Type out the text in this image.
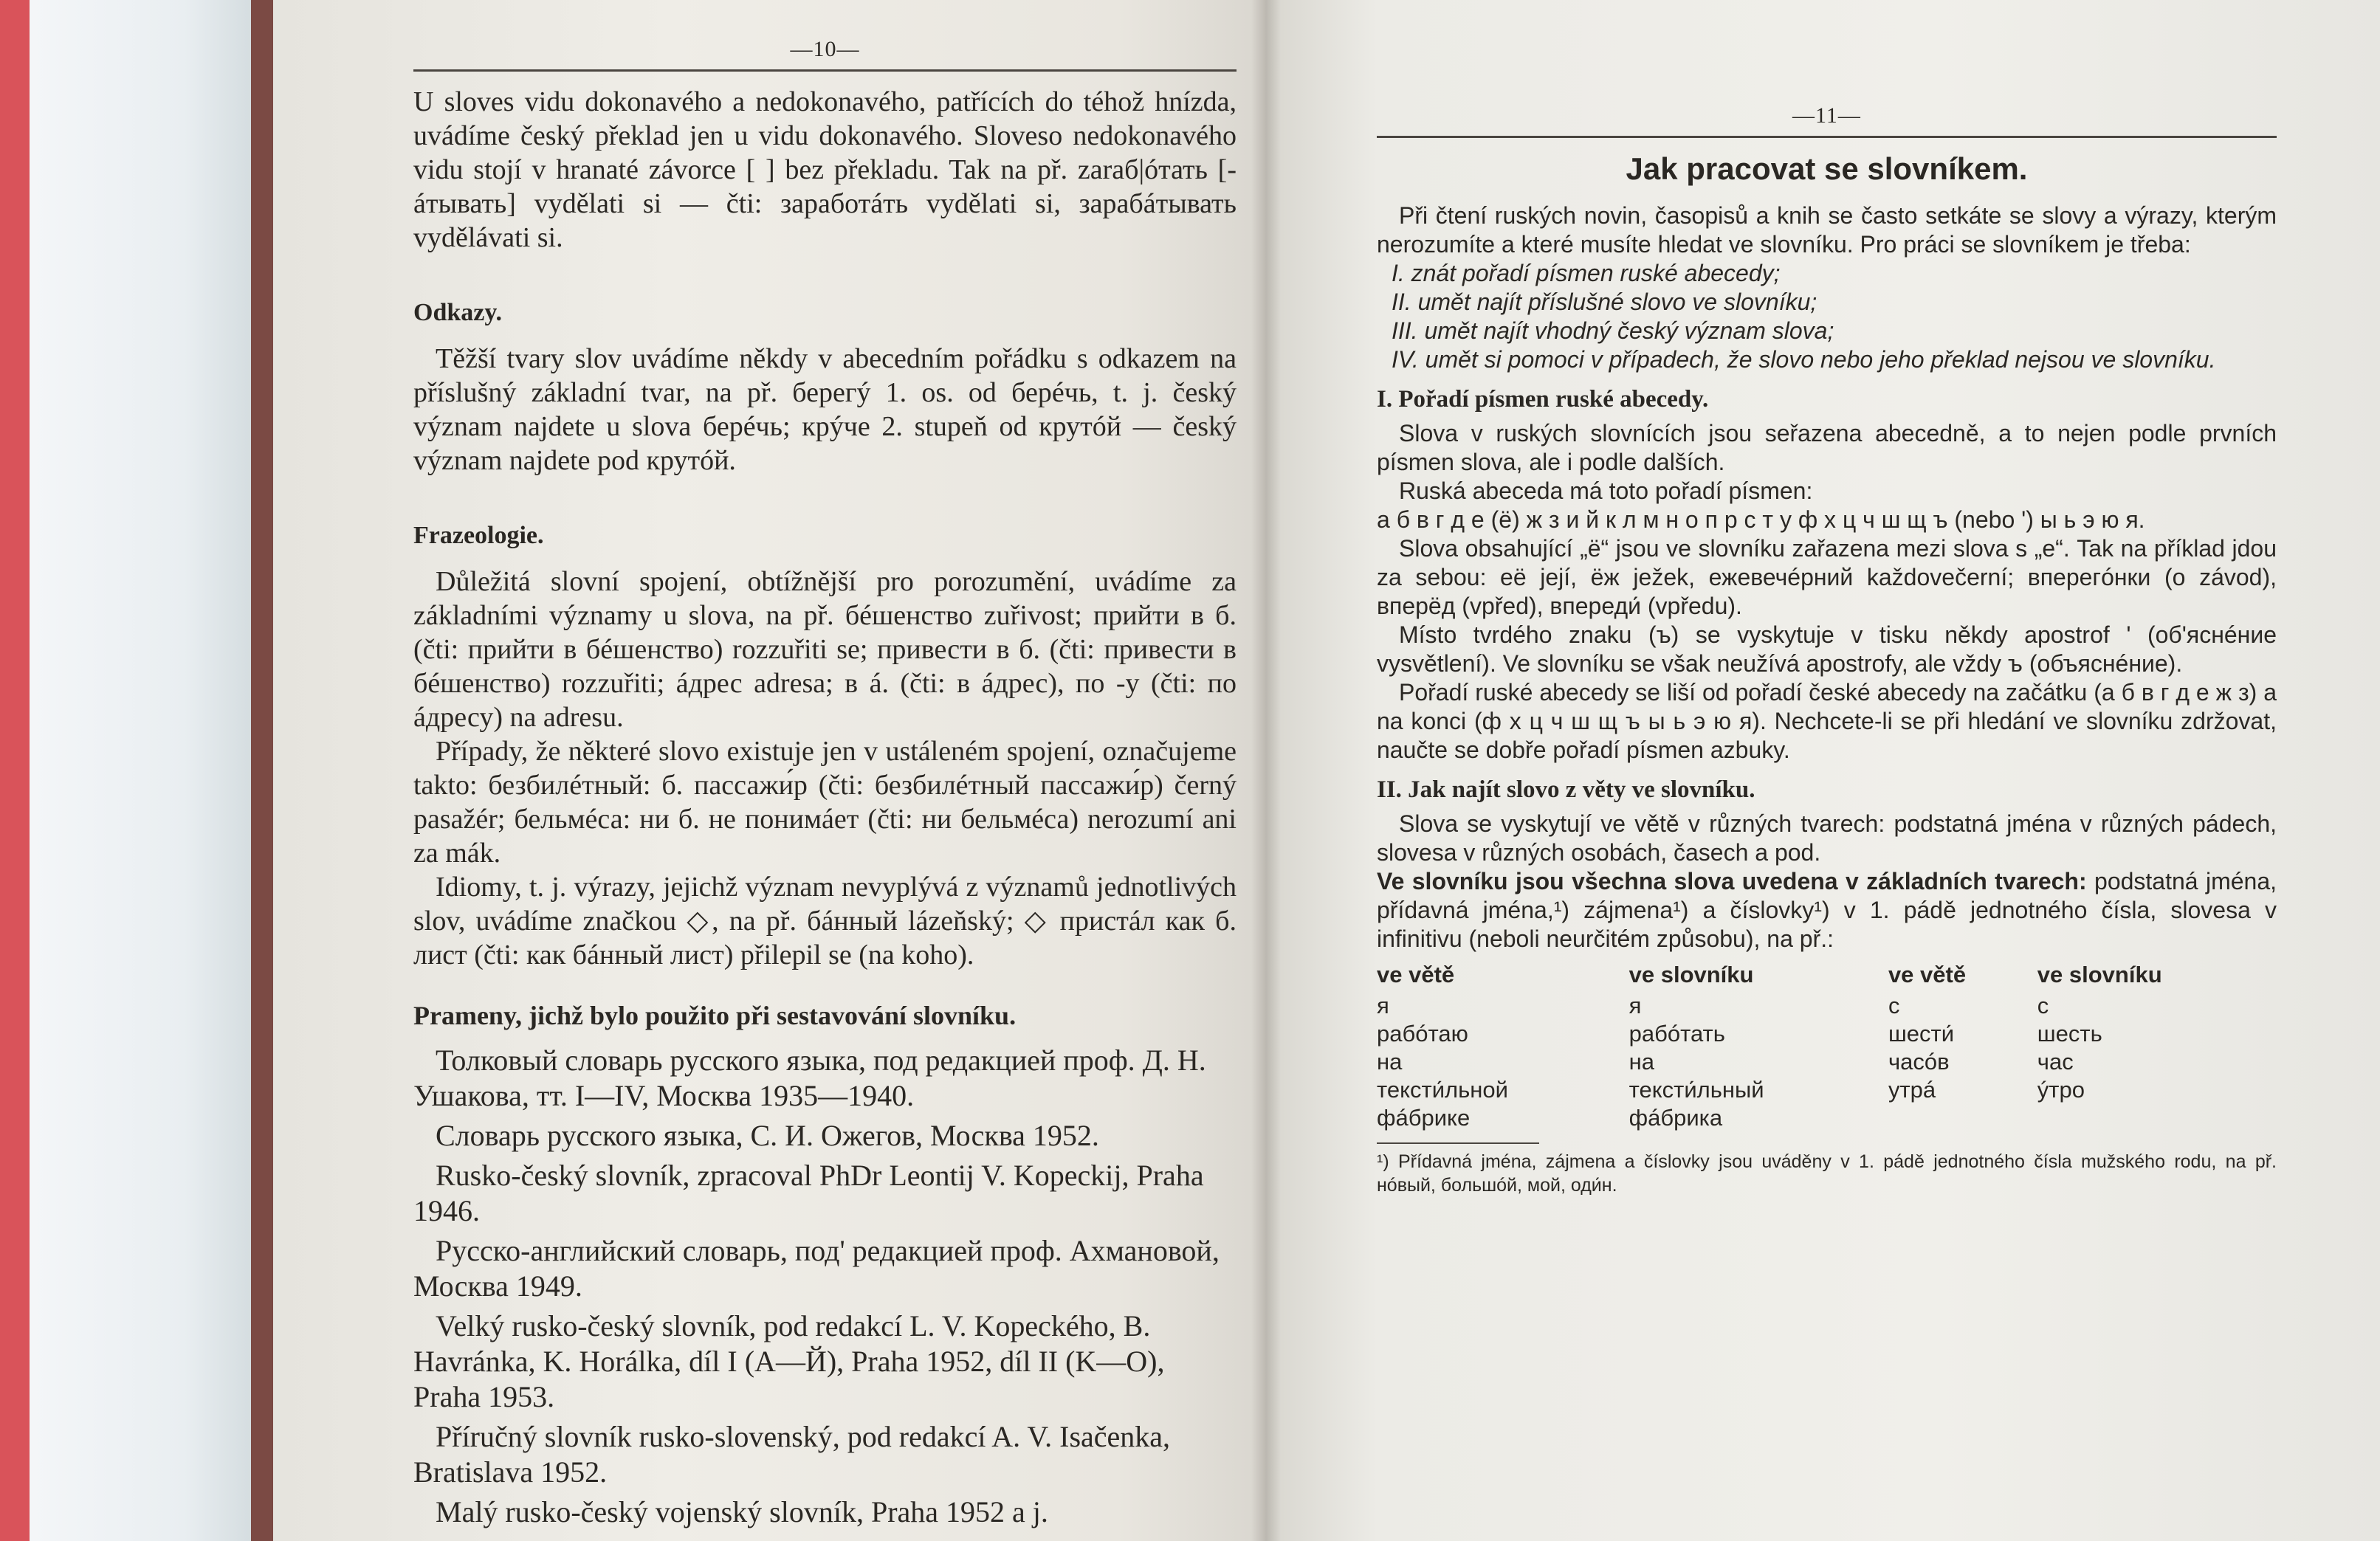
—10—

U sloves vidu dokonavého a nedokonavého, patřících do téhož hnízda, uvádíme český překlad jen u vidu dokonavého. Sloveso nedokonavého vidu stojí v hranaté závorce [ ] bez překladu. Tak na př. zarаб|óтать [-áтывать] vydělati si — čti: заработáть vydělati si, зарабáтывать vydělávati si.

Odkazy.

Těžší tvary slov uvádíme někdy v abecedním pořádku s odkazem na příslušný základní tvar, na př. берегý 1. os. od берéчь, t. j. český význam najdete u slova берéчь; крýче 2. stupeň od крутóй — český význam najdete pod крутóй.

Frazeologie.

Důležitá slovní spojení, obtížnější pro porozumění, uvádíme za základními významy u slova, na př. бéшенство zuřivost; прийти в б. (čti: прийти в бéшенство) rozzuřiti se; привести в б. (čti: привести в бéшенство) rozzuřiti; áдрес adresa; в á. (čti: в áдрес), по -у (čti: по áдресу) na adresu.

Případy, že některé slovo existuje jen v ustáleném spojení, označujeme takto: безбилéтный: б. пассажи́р (čti: безбилéтный пассажи́р) černý pasažér; бельмéса: ни б. не понимáет (čti: ни бельмéса) nerozumí ani za mák.

Idiomy, t. j. výrazy, jejichž význam nevyplývá z významů jednotlivých slov, uvádíme značkou ◇, na př. бáнный lázeňský; ◇ пристáл как б. лист (čti: как бáнный лист) přilepil se (na koho).

Prameny, jichž bylo použito při sestavování slovníku.

Толковый словарь русского языка, под редакцией проф. Д. Н. Ушакова, тт. I—IV, Москва 1935—1940.

Словарь русского языка, С. И. Ожегов, Москва 1952.

Rusko-český slovník, zpracoval PhDr Leontij V. Kopeckij, Praha 1946.

Русско-английский словарь, под' редакцией проф. Ахмановой, Москва 1949.

Velký rusko-český slovník, pod redakcí L. V. Kopeckého, B. Havránka, K. Horálka, díl I (A—Й), Praha 1952, díl II (K—O), Praha 1953.

Příručný slovník rusko-slovenský, pod redakcí A. V. Isačenka, Bratislava 1952.

Malý rusko-český vojenský slovník, Praha 1952 a j.

—11—
Jak pracovat se slovníkem.

Při čtení ruských novin, časopisů a knih se často setkáte se slovy a výrazy, kterým nerozumíte a které musíte hledat ve slovníku. Pro práci se slovníkem je třeba:

I. znát pořadí písmen ruské abecedy;
II. umět najít příslušné slovo ve slovníku;
III. umět najít vhodný český význam slova;
IV. umět si pomoci v případech, že slovo nebo jeho překlad nejsou ve slovníku.
I. Pořadí písmen ruské abecedy.

Slova v ruských slovnících jsou seřazena abecedně, a to nejen podle prvních písmen slova, ale i podle dalších.

Ruská abeceda má toto pořadí písmen:

а б в г д е (ё) ж з и й к л м н о п р с т у ф х ц ч ш щ ъ (nebo ') ы ь э ю я.

Slova obsahující „ё“ jsou ve slovníku zařazena mezi slova s „е“. Tak na příklad jdou za sebou: её její, ёж ježek, ежевечéрний každovečerní; вперегóнки (o závod), вперёд (vpřed), впереди́ (vpředu).

Místo tvrdého znaku (ъ) se vyskytuje v tisku někdy apostrof ' (об'яснéние vysvětlení). Ve slovníku se však neužívá apostrofy, ale vždy ъ (объяснéние).

Pořadí ruské abecedy se liší od pořadí české abecedy na začátku (а б в г д е ж з) a na konci (ф х ц ч ш щ ъ ы ь э ю я). Nechcete-li se při hledání ve slovníku zdržovat, naučte se dobře pořadí písmen azbuky.

II. Jak najít slovo z věty ve slovníku.

Slova se vyskytují ve větě v různých tvarech: podstatná jména v různých pádech, slovesa v různých osobách, časech a pod.

Ve slovníku jsou všechna slova uvedena v základních tvarech: podstatná jména, přídavná jména,¹) zájmena¹) a číslovky¹) v 1. pádě jednotného čísla, slovesa v infinitivu (neboli neurčitém způsobu), na př.:

ve větě	ve slovníku	ve větě	ve slovníku
я	я	с	с
рабóтаю	рабóтать	шести́	шесть
на	на	часóв	час
тексти́льной	тексти́льный	утрá	ýтро
фáбрике	фáбрика		

¹) Přídavná jména, zájmena a číslovky jsou uváděny v 1. pádě jednotného čísla mužského rodu, na př. нóвый, большóй, мой, оди́н.
